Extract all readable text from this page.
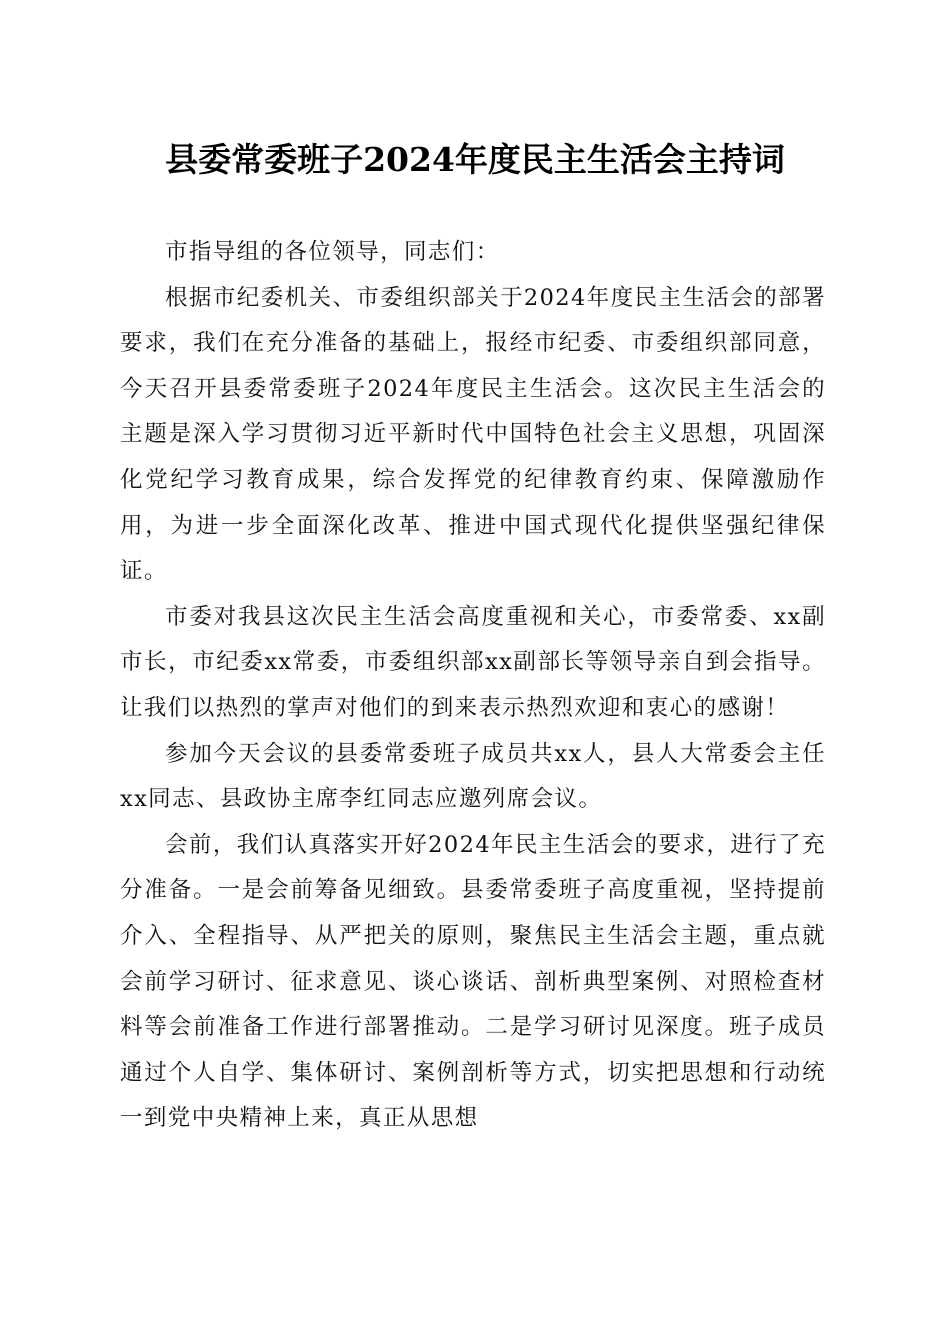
县委常委班子2024年度民主生活会主持词

市指导组的各位领导，同志们：

根据市纪委机关、市委组织部关于2024年度民主生活会的部署要求，我们在充分准备的基础上，报经市纪委、市委组织部同意，今天召开县委常委班子2024年度民主生活会。这次民主生活会的主题是深入学习贯彻习近平新时代中国特色社会主义思想，巩固深化党纪学习教育成果，综合发挥党的纪律教育约束、保障激励作用，为进一步全面深化改革、推进中国式现代化提供坚强纪律保证。

市委对我县这次民主生活会高度重视和关心，市委常委、xx副市长，市纪委xx常委，市委组织部xx副部长等领导亲自到会指导。让我们以热烈的掌声对他们的到来表示热烈欢迎和衷心的感谢！

参加今天会议的县委常委班子成员共xx人，县人大常委会主任xx同志、县政协主席李红同志应邀列席会议。

会前，我们认真落实开好2024年民主生活会的要求，进行了充分准备。一是会前筹备见细致。县委常委班子高度重视，坚持提前介入、全程指导、从严把关的原则，聚焦民主生活会主题，重点就会前学习研讨、征求意见、谈心谈话、剖析典型案例、对照检查材料等会前准备工作进行部署推动。二是学习研讨见深度。班子成员通过个人自学、集体研讨、案例剖析等方式，切实把思想和行动统一到党中央精神上来，真正从思想
